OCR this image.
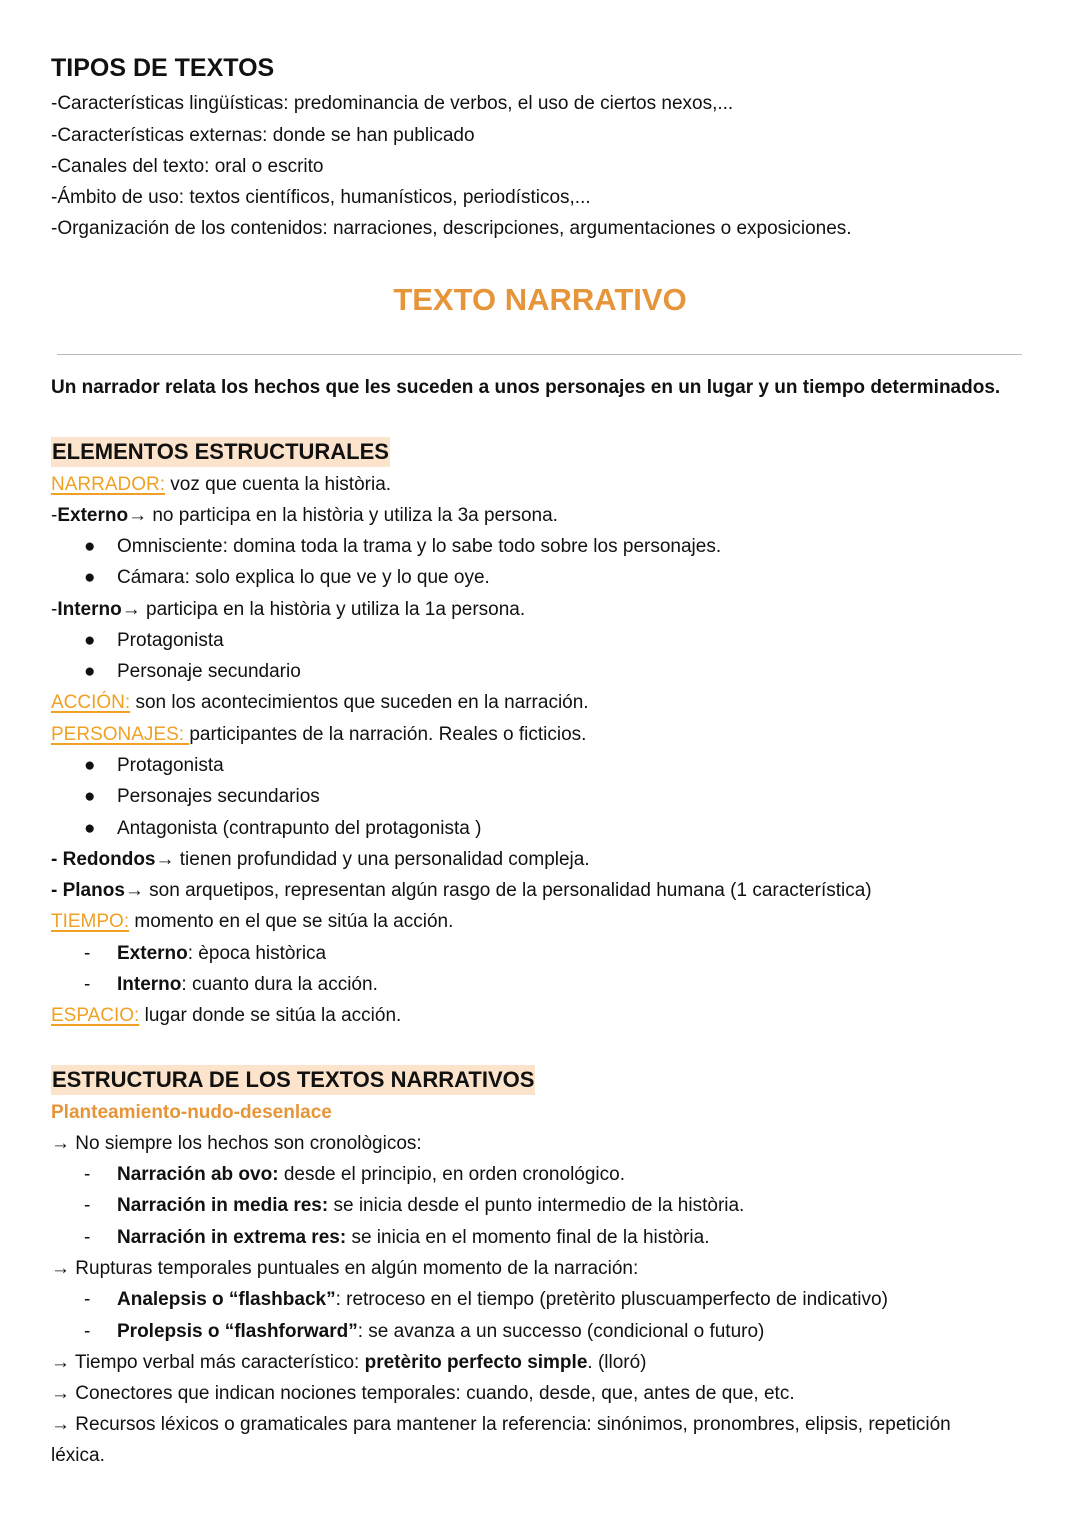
TIPOS DE TEXTOS
-Características lingüísticas: predominancia de verbos, el uso de ciertos nexos,...
-Características externas: donde se han publicado
-Canales del texto: oral o escrito
-Ámbito de uso: textos científicos, humanísticos, periodísticos,...
-Organización de los contenidos: narraciones, descripciones, argumentaciones o exposiciones.
TEXTO NARRATIVO
Un narrador relata los hechos que les suceden a unos personajes en un lugar y un tiempo determinados.
ELEMENTOS ESTRUCTURALES
NARRADOR: voz que cuenta la història.
-Externo→ no participa en la història y utiliza la 3a persona.
● Omnisciente: domina toda la trama y lo sabe todo sobre los personajes.
● Cámara: solo explica lo que ve y lo que oye.
-Interno→ participa en la història y utiliza la 1a persona.
● Protagonista
● Personaje secundario
ACCIÓN: son los acontecimientos que suceden en la narración.
PERSONAJES: participantes de la narración. Reales o ficticios.
● Protagonista
● Personajes secundarios
● Antagonista (contrapunto del protagonista )
- Redondos→ tienen profundidad y una personalidad compleja.
- Planos→ son arquetipos, representan algún rasgo de la personalidad humana (1 característica)
TIEMPO: momento en el que se sitúa la acción.
- Externo: època històrica
- Interno: cuanto dura la acción.
ESPACIO: lugar donde se sitúa la acción.
ESTRUCTURA DE LOS TEXTOS NARRATIVOS
Planteamiento-nudo-desenlace
→ No siempre los hechos son cronològicos:
- Narración ab ovo: desde el principio, en orden cronológico.
- Narración in media res: se inicia desde el punto intermedio de la història.
- Narración in extrema res: se inicia en el momento final de la història.
→ Rupturas temporales puntuales en algún momento de la narración:
- Analepsis o “flashback”: retroceso en el tiempo (pretèrito pluscuamperfecto de indicativo)
- Prolepsis o “flashforward”: se avanza a un successo (condicional o futuro)
→ Tiempo verbal más característico: pretèrito perfecto simple. (lloró)
→ Conectores que indican nociones temporales: cuando, desde, que, antes de que, etc.
→ Recursos léxicos o gramaticales para mantener la referencia: sinónimos, pronombres, elipsis, repetición
léxica.
